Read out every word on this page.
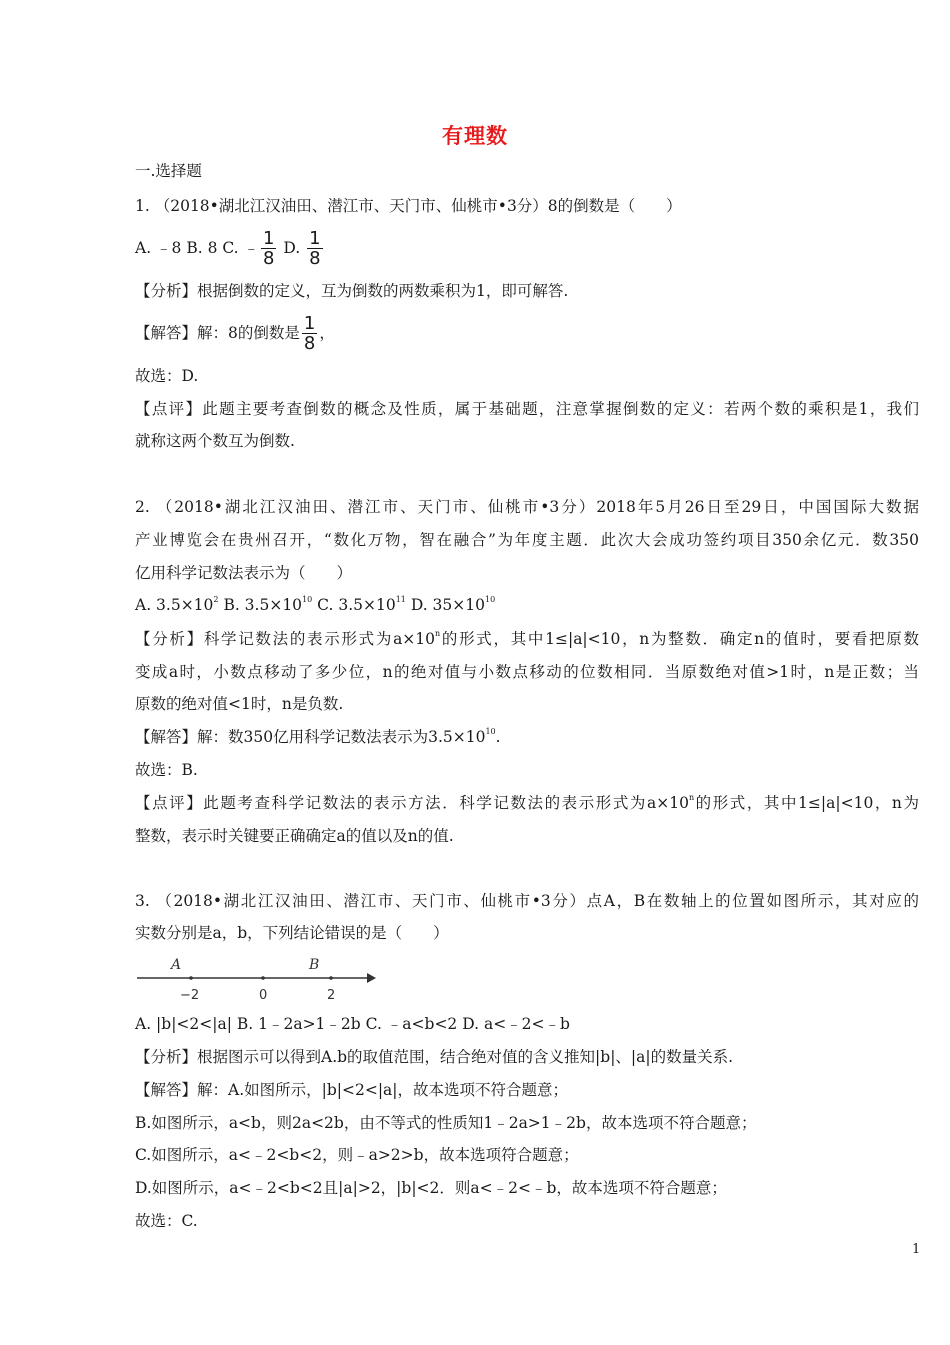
有理数
一.选择题
1. （2018•湖北江汉油田、潜江市、天门市、仙桃市•3分）8的倒数是（　　）
A. ﹣8 B. 8 C. ﹣ $\frac{1}{8} D$. $\frac{1}{8}$
【分析】根据倒数的定义，互为倒数的两数乘积为1，即可解答.
【解答】解：8的倒数是 $\frac{1}{8}$ ，
故选：D.
【点评】此题主要考查倒数的概念及性质，属于基础题，注意掌握倒数的定义：若两个数的乘积是1，我们
就称这两个数互为倒数.
2. （2018•湖北江汉油田、潜江市、天门市、仙桃市•3分）2018年5月26日至29日，中国国际大数据
产业博览会在贵州召开，“数化万物，智在融合”为年度主题．此次大会成功签约项目350余亿元．数350
亿用科学记数法表示为（　　）
A. $3.5\times 10^2$ B. $3.5\times 10^{10}$ C. $3.5\times 10^{11}$ D. $35\times 10^{10}$
【分析】科学记数法的表示形式为$a\times 10^n$的形式，其中1≤|a|<10，n为整数．确定n的值时，要看把原数
变成a时，小数点移动了多少位，n的绝对值与小数点移动的位数相同．当原数绝对值>1时，n是正数；当
原数的绝对值<1时，n是负数.
【解答】解：数350亿用科学记数法表示为$3.5\times 10^{10}$.
故选：B.
【点评】此题考查科学记数法的表示方法．科学记数法的表示形式为$a\times 10^n$的形式，其中1≤|a|<10，n为
整数，表示时关键要正确确定a的值以及n的值.
3. （2018•湖北江汉油田、潜江市、天门市、仙桃市•3分）点A，B在数轴上的位置如图所示，其对应的
实数分别是a，b，下列结论错误的是（　　）
A	B
−2	0	2
A. |b|<2<|a| B. 1﹣2a>1﹣2b C. ﹣a<b<2 D. a<﹣2<﹣b
【分析】根据图示可以得到A.b的取值范围，结合绝对值的含义推知|b|、|a|的数量关系.
【解答】解：A.如图所示，|b|<2<|a|，故本选项不符合题意；
B.如图所示，a<b，则2a<2b，由不等式的性质知1﹣2a>1﹣2b，故本选项不符合题意；
C.如图所示，a<﹣2<b<2，则﹣a>2>b，故本选项符合题意；
D.如图所示，a<﹣2<b<2且|a|>2，|b|<2．则a<﹣2<﹣b，故本选项不符合题意；
故选：C.
1
